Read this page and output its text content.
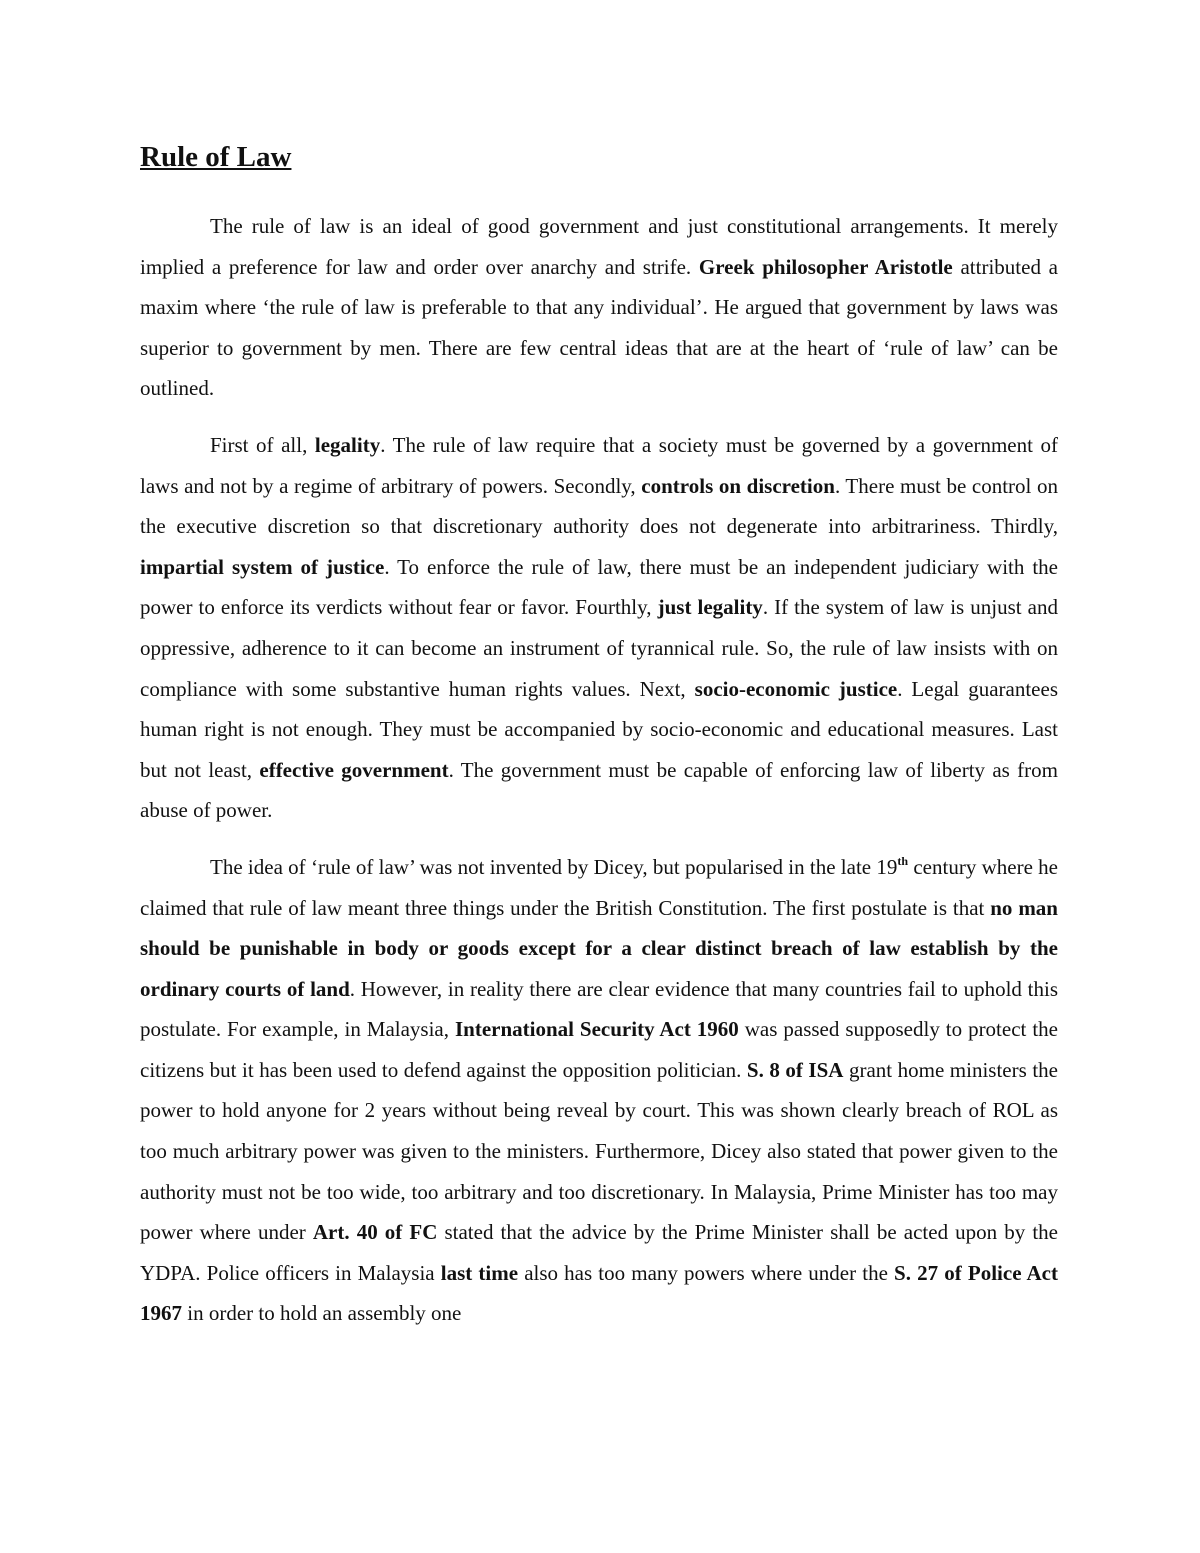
Rule of Law

The rule of law is an ideal of good government and just constitutional arrangements. It merely implied a preference for law and order over anarchy and strife. Greek philosopher Aristotle attributed a maxim where ‘the rule of law is preferable to that any individual’. He argued that government by laws was superior to government by men. There are few central ideas that are at the heart of ‘rule of law’ can be outlined.

First of all, legality. The rule of law require that a society must be governed by a government of laws and not by a regime of arbitrary of powers. Secondly, controls on discretion. There must be control on the executive discretion so that discretionary authority does not degenerate into arbitrariness. Thirdly, impartial system of justice. To enforce the rule of law, there must be an independent judiciary with the power to enforce its verdicts without fear or favor. Fourthly, just legality. If the system of law is unjust and oppressive, adherence to it can become an instrument of tyrannical rule. So, the rule of law insists with on compliance with some substantive human rights values. Next, socio-economic justice. Legal guarantees human right is not enough. They must be accompanied by socio-economic and educational measures. Last but not least, effective government. The government must be capable of enforcing law of liberty as from abuse of power.

The idea of ‘rule of law’ was not invented by Dicey, but popularised in the late 19th century where he claimed that rule of law meant three things under the British Constitution. The first postulate is that no man should be punishable in body or goods except for a clear distinct breach of law establish by the ordinary courts of land. However, in reality there are clear evidence that many countries fail to uphold this postulate. For example, in Malaysia, International Security Act 1960 was passed supposedly to protect the citizens but it has been used to defend against the opposition politician. S. 8 of ISA grant home ministers the power to hold anyone for 2 years without being reveal by court. This was shown clearly breach of ROL as too much arbitrary power was given to the ministers. Furthermore, Dicey also stated that power given to the authority must not be too wide, too arbitrary and too discretionary. In Malaysia, Prime Minister has too may power where under Art. 40 of FC stated that the advice by the Prime Minister shall be acted upon by the YDPA. Police officers in Malaysia last time also has too many powers where under the S. 27 of Police Act 1967 in order to hold an assembly one
